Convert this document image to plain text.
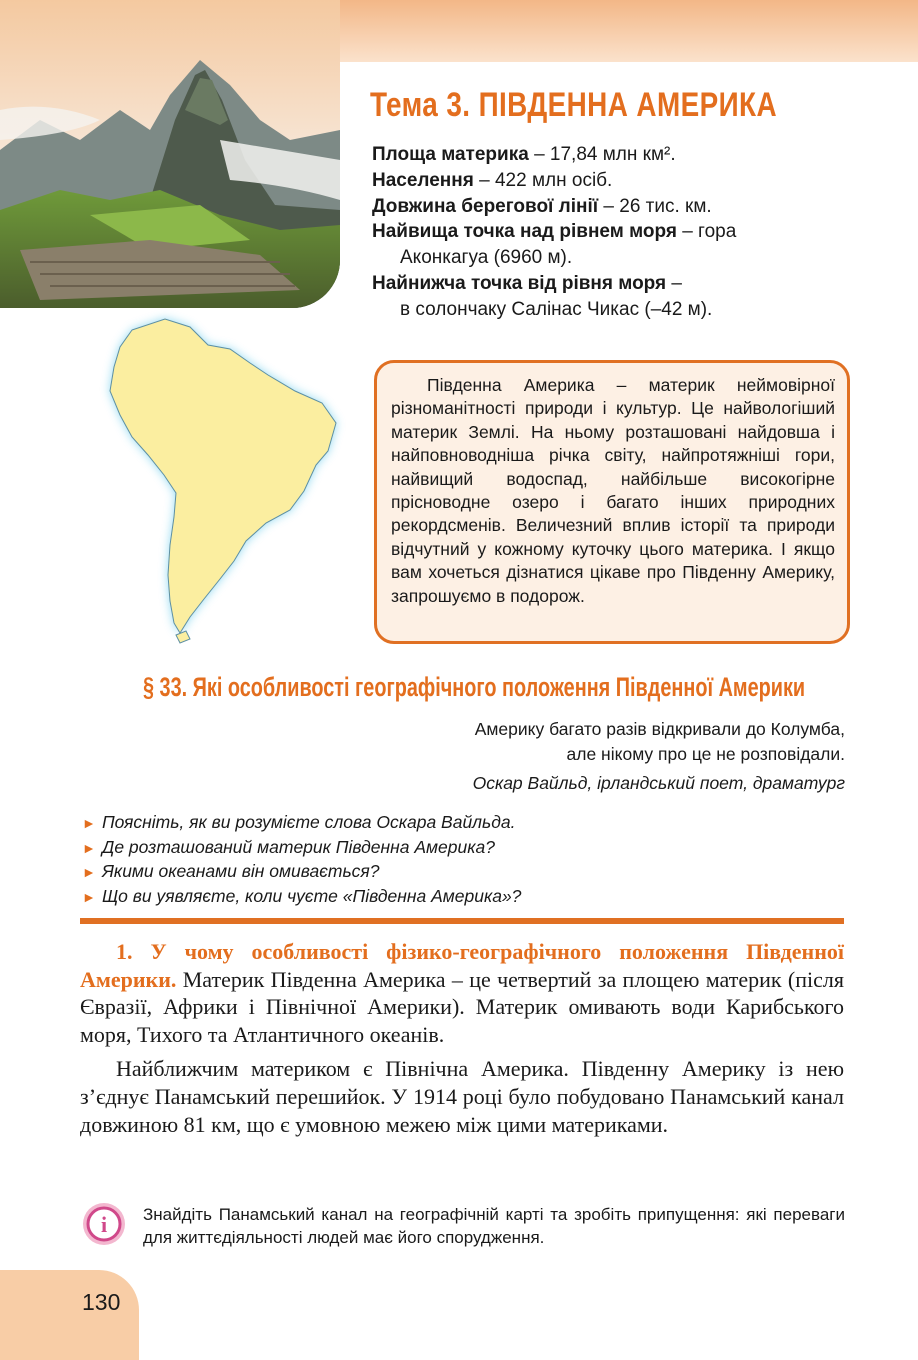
Тема 3. ПІВДЕННА АМЕРИКА
Площа материка – 17,84 млн км².
Населення – 422 млн осіб.
Довжина берегової лінії – 26 тис. км.
Найвища точка над рівнем моря – гора
Аконкагуа (6960 м).
Найнижча точка від рівня моря –
в солончаку Салінас Чикас (–42 м).

Південна Америка – материк неймовірної різноманітності природи і культур. Це найвологіший материк Землі. На ньому розташовані найдовша і найповноводніша річка світу, найпротяжніші гори, найвищий водоспад, найбільше високогірне прісноводне озеро і багато інших природних рекордсменів. Величезний вплив історії та природи відчутний у кожному куточку цього материка. І якщо вам хочеться дізнатися цікаве про Південну Америку, запрошуємо в подорож.

§ 33. Які особливості географічного положення Південної Америки
Америку багато разів відкривали до Колумба,
але нікому про це не розповідали.
Оскар Вайльд, ірландський поет, драматург
► Поясніть, як ви розумієте слова Оскара Вайльда.
► Де розташований материк Південна Америка?
► Якими океанами він омивається?
► Що ви уявляєте, коли чуєте «Південна Америка»?

1. У чому особливості фізико-географічного положення Південної Америки. Материк Південна Америка – це четвертий за площею материк (після Євразії, Африки і Північної Америки). Материк омивають води Карибського моря, Тихого та Атлантичного океанів.

Найближчим материком є Північна Америка. Південну Америку із нею з’єднує Панамський перешийок. У 1914 році було побудовано Панамський канал довжиною 81 км, що є умовною межею між цими материками.

i Знайдіть Панамський канал на географічній карті та зробіть припущення: які переваги для життєдіяльності людей має його спорудження.
130
